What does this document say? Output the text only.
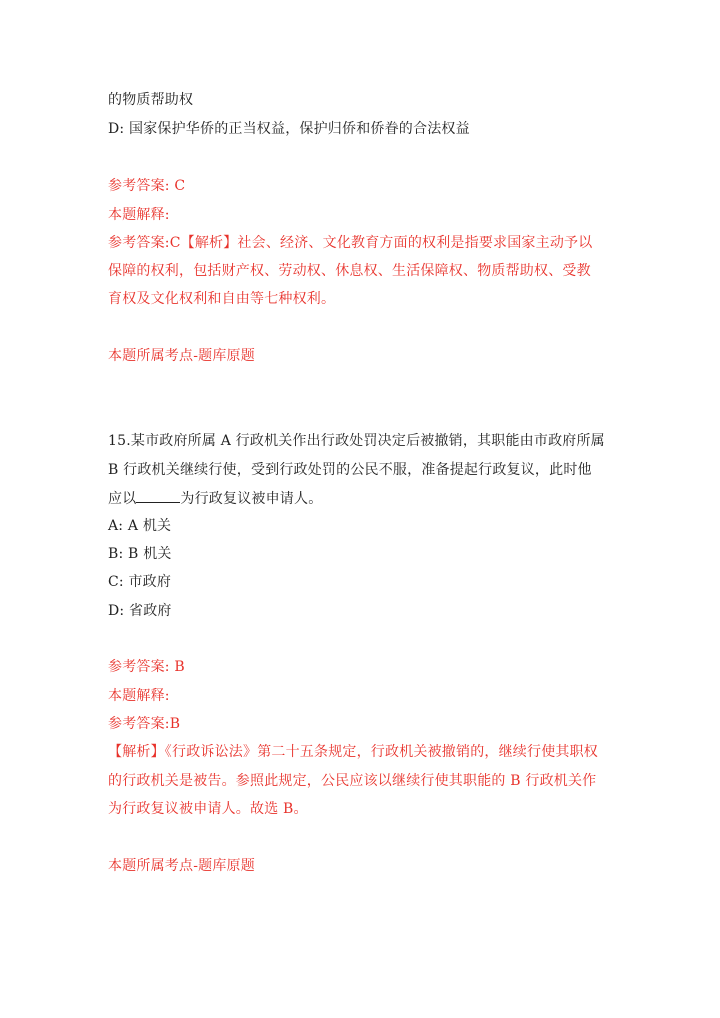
的物质帮助权
D: 国家保护华侨的正当权益，保护归侨和侨眷的合法权益
参考答案: C
本题解释:
参考答案:C【解析】社会、经济、文化教育方面的权利是指要求国家主动予以
保障的权利，包括财产权、劳动权、休息权、生活保障权、物质帮助权、受教
育权及文化权利和自由等七种权利。
本题所属考点-题库原题
15.某市政府所属 A 行政机关作出行政处罚决定后被撤销，其职能由市政府所属
B 行政机关继续行使，受到行政处罚的公民不服，准备提起行政复议，此时他
应以	为行政复议被申请人。
A: A 机关
B: B 机关
C: 市政府
D: 省政府
参考答案: B
本题解释:
参考答案:B
【解析】《行政诉讼法》第二十五条规定，行政机关被撤销的，继续行使其职权
的行政机关是被告。参照此规定，公民应该以继续行使其职能的 B 行政机关作
为行政复议被申请人。故选 B。
本题所属考点-题库原题
